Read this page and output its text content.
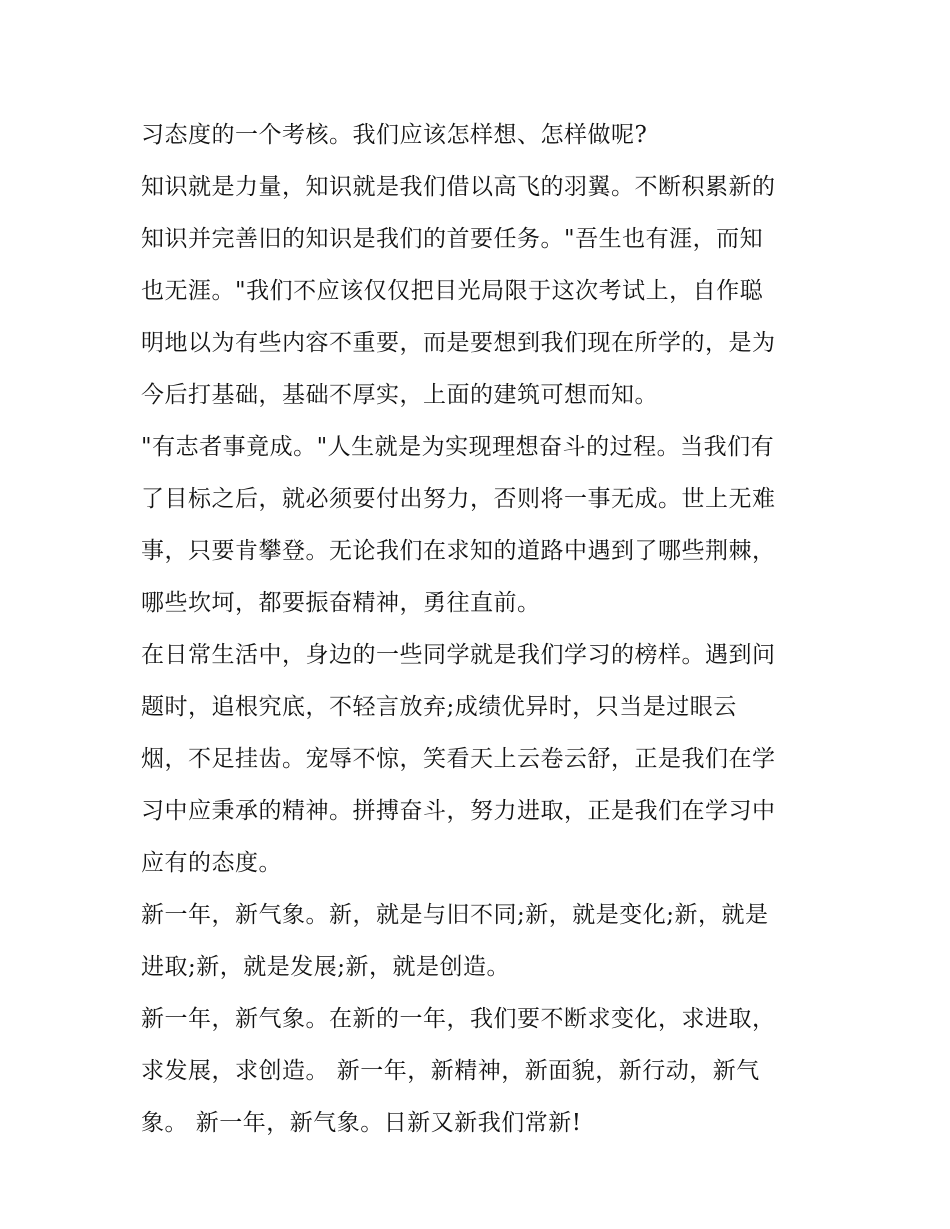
习态度的一个考核。我们应该怎样想、怎样做呢?
知识就是力量，知识就是我们借以高飞的羽翼。不断积累新的
知识并完善旧的知识是我们的首要任务。"吾生也有涯，而知
也无涯。"我们不应该仅仅把目光局限于这次考试上，自作聪
明地以为有些内容不重要，而是要想到我们现在所学的，是为
今后打基础，基础不厚实，上面的建筑可想而知。
"有志者事竟成。"人生就是为实现理想奋斗的过程。当我们有
了目标之后，就必须要付出努力，否则将一事无成。世上无难
事，只要肯攀登。无论我们在求知的道路中遇到了哪些荆棘，
哪些坎坷，都要振奋精神，勇往直前。
在日常生活中，身边的一些同学就是我们学习的榜样。遇到问
题时，追根究底，不轻言放弃;成绩优异时，只当是过眼云
烟，不足挂齿。宠辱不惊，笑看天上云卷云舒，正是我们在学
习中应秉承的精神。拼搏奋斗，努力进取，正是我们在学习中
应有的态度。
新一年，新气象。新，就是与旧不同;新，就是变化;新，就是
进取;新，就是发展;新，就是创造。
新一年，新气象。在新的一年，我们要不断求变化，求进取，
求发展，求创造。 新一年，新精神，新面貌，新行动，新气
象。 新一年，新气象。日新又新我们常新!
